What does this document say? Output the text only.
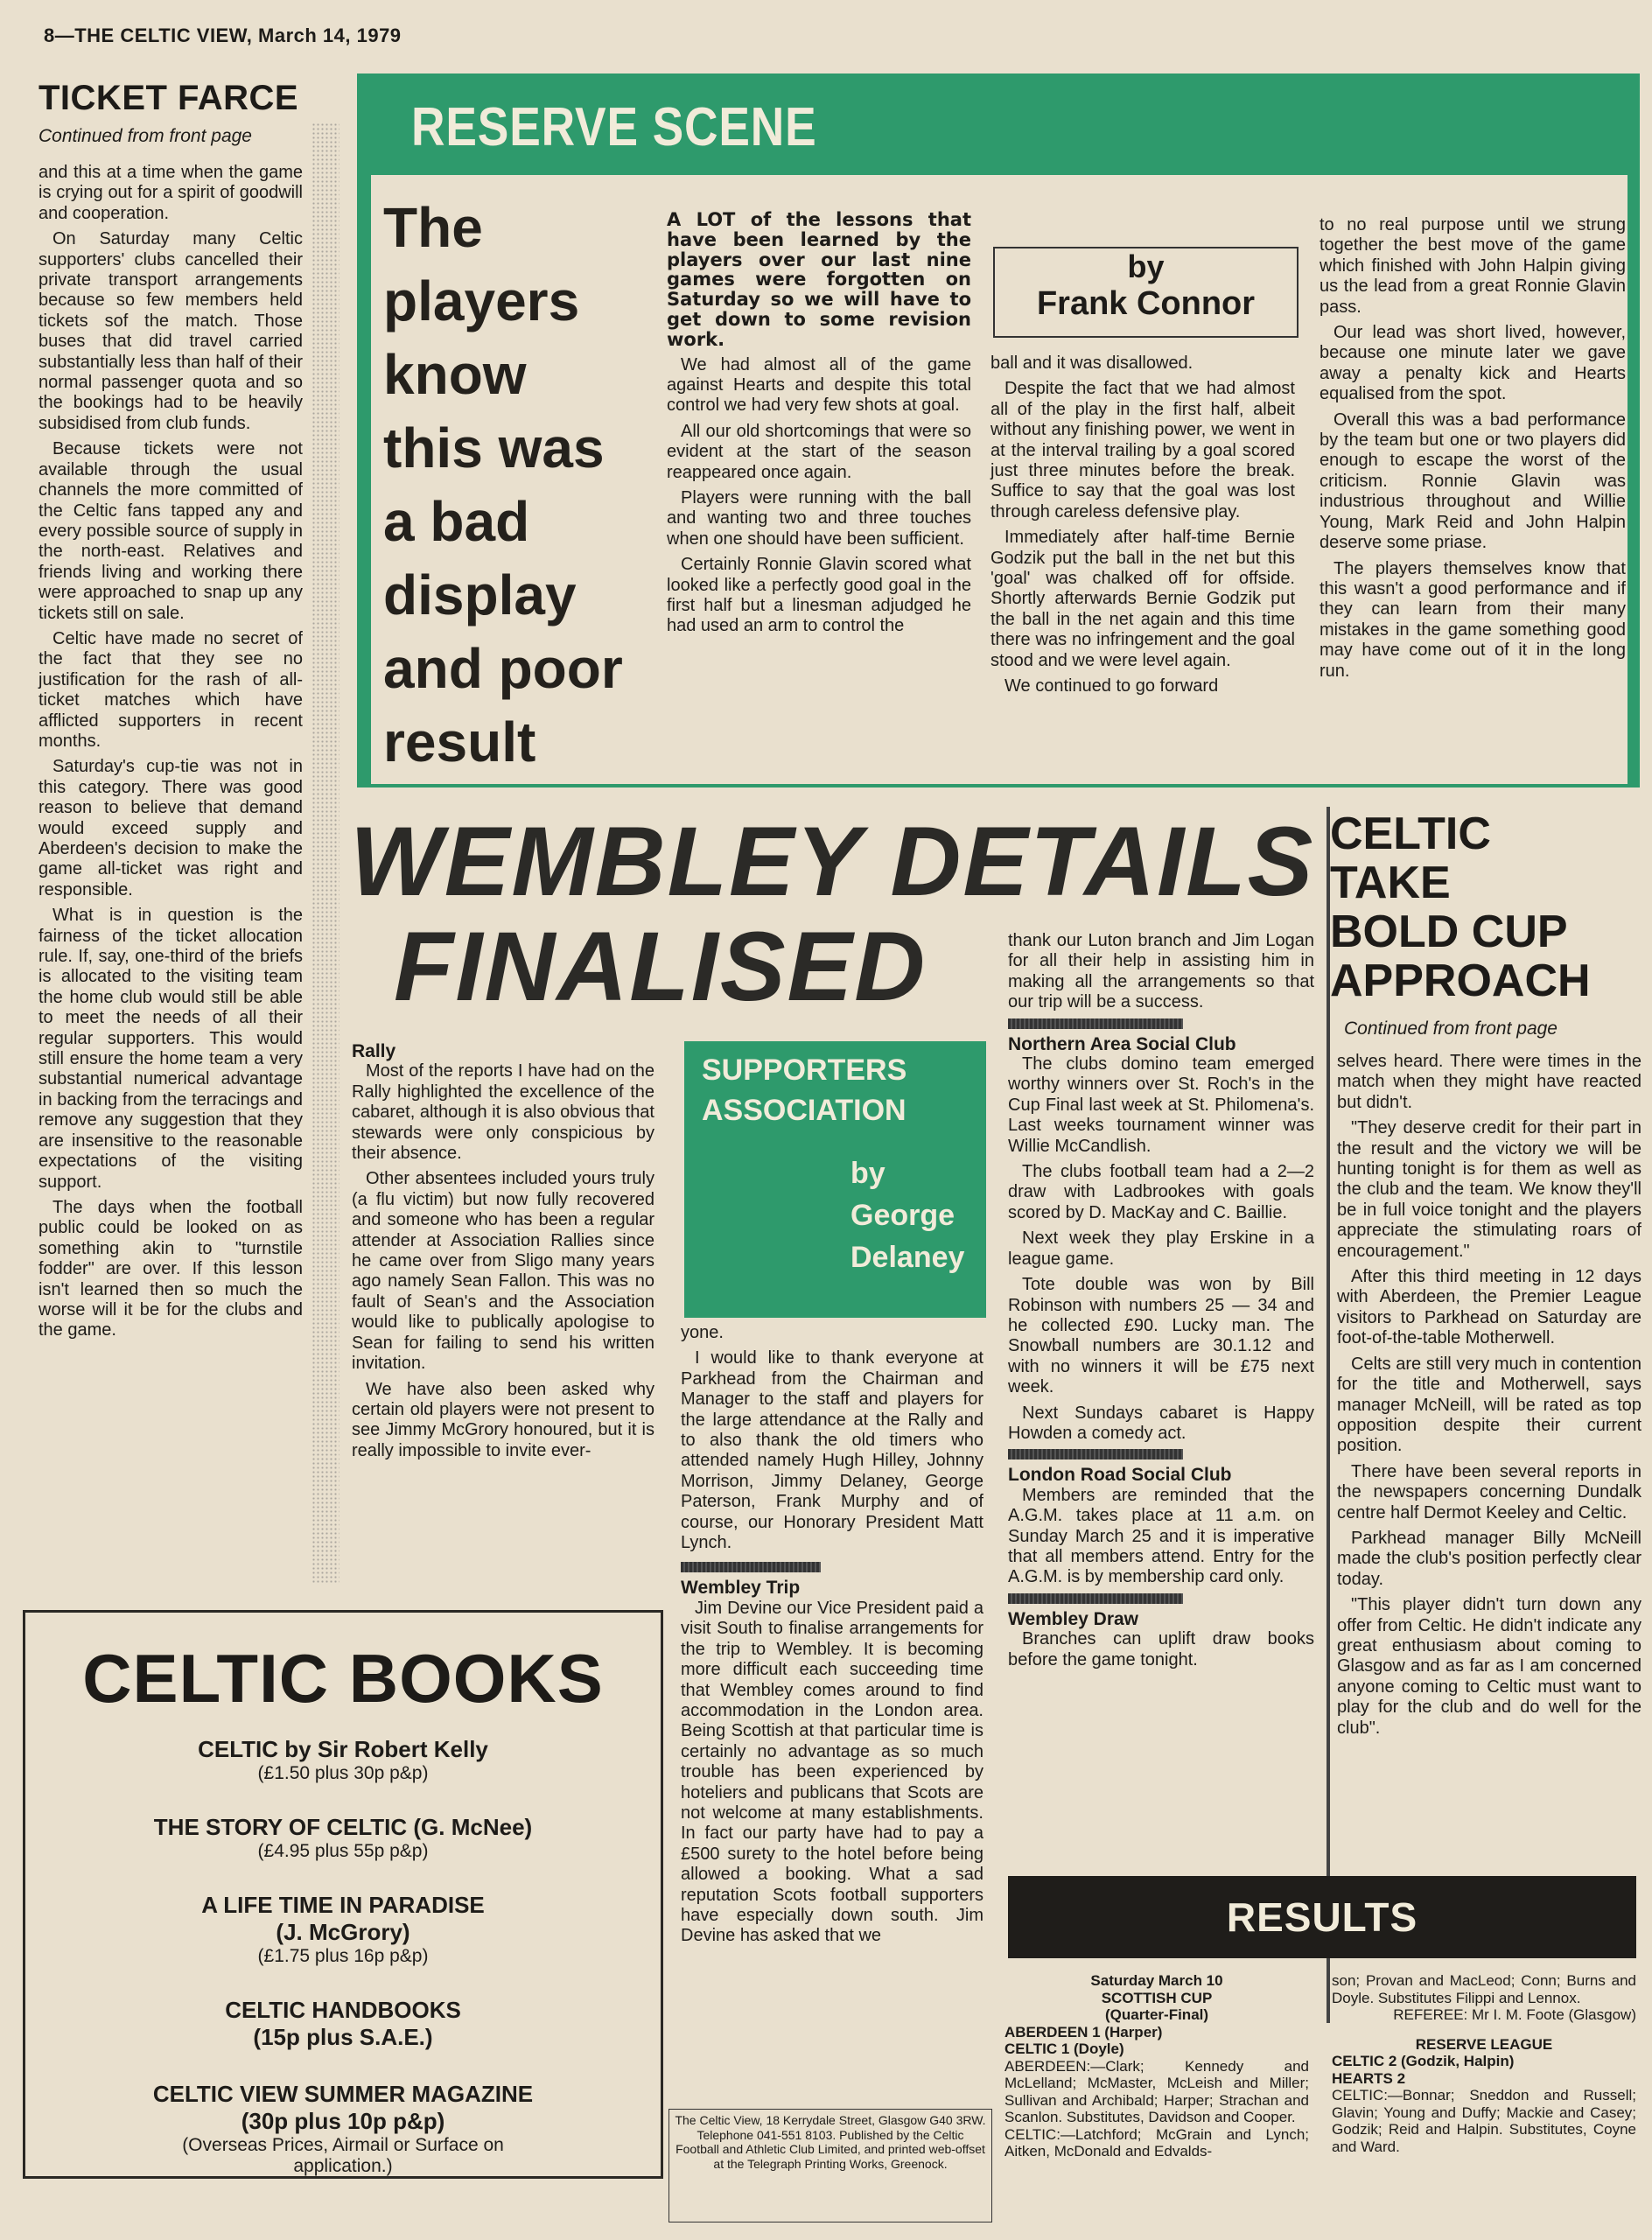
8—THE CELTIC VIEW, March 14, 1979
TICKET FARCE
Continued from front page

and this at a time when the game is crying out for a spirit of goodwill and cooperation.

On Saturday many Celtic supporters' clubs cancelled their private transport arrangements because so few members held tickets sof the match. Those buses that did travel carried substantially less than half of their normal passenger quota and so the bookings had to be heavily subsidised from club funds.

Because tickets were not available through the usual channels the more committed of the Celtic fans tapped any and every possible source of supply in the north-east. Relatives and friends living and working there were approached to snap up any tickets still on sale.

Celtic have made no secret of the fact that they see no justification for the rash of all-ticket matches which have afflicted supporters in recent months.

Saturday's cup-tie was not in this category. There was good reason to believe that demand would exceed supply and Aberdeen's decision to make the game all-ticket was right and responsible.

What is in question is the fairness of the ticket allocation rule. If, say, one-third of the briefs is allocated to the visiting team the home club would still be able to meet the needs of all their regular supporters. This would still ensure the home team a very substantial numerical advantage in backing from the terracings and remove any suggestion that they are insensitive to the reasonable expectations of the visiting support.

The days when the football public could be looked on as something akin to "turnstile fodder" are over. If this lesson isn't learned then so much the worse will it be for the clubs and the game.

RESERVE SCENE
The
players
know
this was
a bad
display
and poor
result
A LOT of the lessons that have been learned by the players over our last nine games were forgotten on Saturday so we will have to get down to some revision work.

We had almost all of the game against Hearts and despite this total control we had very few shots at goal.

All our old shortcomings that were so evident at the start of the season reappeared once again.

Players were running with the ball and wanting two and three touches when one should have been sufficient.

Certainly Ronnie Glavin scored what looked like a perfectly good goal in the first half but a linesman adjudged he had used an arm to control the

by
Frank Connor

ball and it was disallowed.

Despite the fact that we had almost all of the play in the first half, albeit without any finishing power, we went in at the interval trailing by a goal scored just three minutes before the break. Suffice to say that the goal was lost through careless defensive play.

Immediately after half-time Bernie Godzik put the ball in the net but this 'goal' was chalked off for offside. Shortly afterwards Bernie Godzik put the ball in the net again and this time there was no infringement and the goal stood and we were level again.

We continued to go forward

to no real purpose until we strung together the best move of the game which finished with John Halpin giving us the lead from a great Ronnie Glavin pass.

Our lead was short lived, however, because one minute later we gave away a penalty kick and Hearts equalised from the spot.

Overall this was a bad performance by the team but one or two players did enough to escape the worst of the criticism. Ronnie Glavin was industrious throughout and Willie Young, Mark Reid and John Halpin deserve some priase.

The players themselves know that this wasn't a good performance and if they can learn from their many mistakes in the game something good may have come out of it in the long run.

WEMBLEY DETAILS
FINALISED
SUPPORTERS
ASSOCIATION
by
George
Delaney
Rally

Most of the reports I have had on the Rally highlighted the excellence of the cabaret, although it is also obvious that stewards were only conspicious by their absence.

Other absentees included yours truly (a flu victim) but now fully recovered and someone who has been a regular attender at Association Rallies since he came over from Sligo many years ago namely Sean Fallon. This was no fault of Sean's and the Association would like to publically apologise to Sean for failing to send his written invitation.

We have also been asked why certain old players were not present to see Jimmy McGrory honoured, but it is really impossible to invite ever-

yone.

I would like to thank everyone at Parkhead from the Chairman and Manager to the staff and players for the large attendance at the Rally and to also thank the old timers who attended namely Hugh Hilley, Johnny Morrison, Jimmy Delaney, George Paterson, Frank Murphy and of course, our Honorary President Matt Lynch.

Wembley Trip

Jim Devine our Vice President paid a visit South to finalise arrangements for the trip to Wembley. It is becoming more difficult each succeeding time that Wembley comes around to find accommodation in the London area. Being Scottish at that particular time is certainly no advantage as so much trouble has been experienced by hoteliers and publicans that Scots are not welcome at many establishments. In fact our party have had to pay a £500 surety to the hotel before being allowed a booking. What a sad reputation Scots football supporters have especially down south. Jim Devine has asked that we

thank our Luton branch and Jim Logan for all their help in assisting him in making all the arrangements so that our trip will be a success.

Northern Area Social Club

The clubs domino team emerged worthy winners over St. Roch's in the Cup Final last week at St. Philomena's. Last weeks tournament winner was Willie McCandlish.

The clubs football team had a 2—2 draw with Ladbrookes with goals scored by D. MacKay and C. Baillie.

Next week they play Erskine in a league game.

Tote double was won by Bill Robinson with numbers 25 — 34 and he collected £90. Lucky man. The Snowball numbers are 30.1.12 and with no winners it will be £75 next week.

Next Sundays cabaret is Happy Howden a comedy act.

London Road Social Club

Members are reminded that the A.G.M. takes place at 11 a.m. on Sunday March 25 and it is imperative that all members attend. Entry for the A.G.M. is by membership card only.

Wembley Draw

Branches can uplift draw books before the game tonight.

CELTIC
TAKE
BOLD CUP
APPROACH
Continued from front page

selves heard. There were times in the match when they might have reacted but didn't.

"They deserve credit for their part in the result and the victory we will be hunting tonight is for them as well as the club and the team. We know they'll be in full voice tonight and the players appreciate the stimulating roars of encouragement."

After this third meeting in 12 days with Aberdeen, the Premier League visitors to Parkhead on Saturday are foot-of-the-table Motherwell.

Celts are still very much in contention for the title and Motherwell, says manager McNeill, will be rated as top opposition despite their current position.

There have been several reports in the newspapers concerning Dundalk centre half Dermot Keeley and Celtic.

Parkhead manager Billy McNeill made the club's position perfectly clear today.

"This player didn't turn down any offer from Celtic. He didn't indicate any great enthusiasm about coming to Glasgow and as far as I am concerned anyone coming to Celtic must want to play for the club and do well for the club".

CELTIC BOOKS
CELTIC by Sir Robert Kelly
(£1.50 plus 30p p&p)
THE STORY OF CELTIC (G. McNee)
(£4.95 plus 55p p&p)
A LIFE TIME IN PARADISE
(J. McGrory)
(£1.75 plus 16p p&p)
CELTIC HANDBOOKS
(15p plus S.A.E.)
CELTIC VIEW SUMMER MAGAZINE
(30p plus 10p p&p)
(Overseas Prices, Airmail or Surface on application.)
The Celtic View, 18 Kerrydale Street, Glasgow G40 3RW. Telephone 041-551 8103. Published by the Celtic Football and Athletic Club Limited, and printed web-offset at the Telegraph Printing Works, Greenock.
RESULTS
Saturday March 10
SCOTTISH CUP
(Quarter-Final)
ABERDEEN 1 (Harper)
CELTIC 1 (Doyle)
ABERDEEN:—Clark; Kennedy and McLelland; McMaster, McLeish and Miller; Sullivan and Archibald; Harper; Strachan and Scanlon. Substitutes, Davidson and Cooper.
CELTIC:—Latchford; McGrain and Lynch; Aitken, McDonald and Edvalds-
son; Provan and MacLeod; Conn; Burns and Doyle. Substitutes Filippi and Lennox.
REFEREE: Mr I. M. Foote (Glasgow)
RESERVE LEAGUE
CELTIC 2 (Godzik, Halpin)
HEARTS 2
CELTIC:—Bonnar; Sneddon and Russell; Glavin; Young and Duffy; Mackie and Casey; Godzik; Reid and Halpin. Substitutes, Coyne and Ward.
